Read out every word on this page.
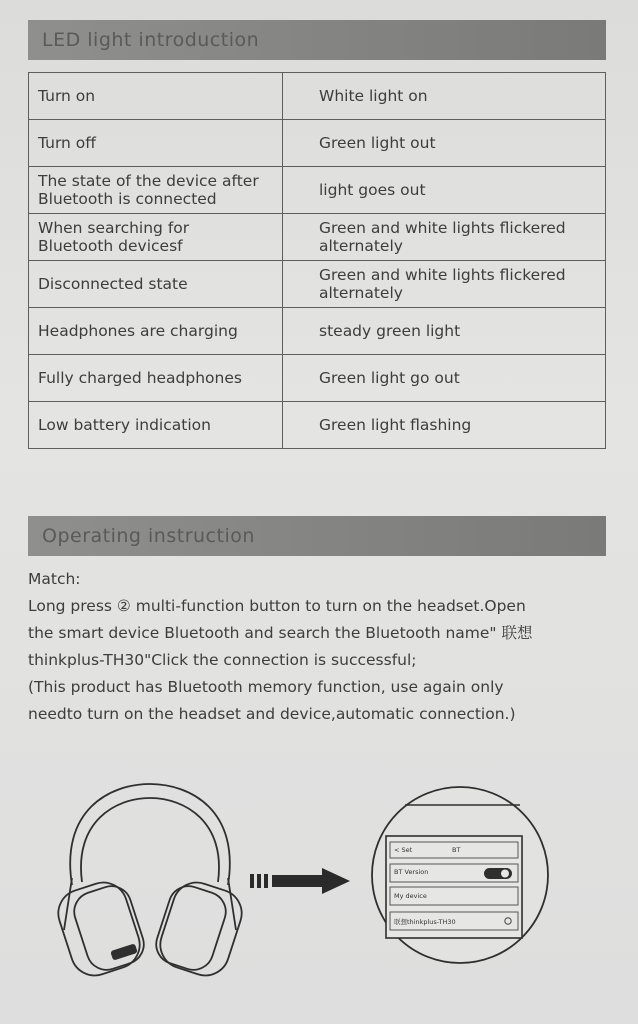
LED light introduction
Turn on	White light on
Turn off	Green light out
The state of the device after
Bluetooth is connected	light goes out
When searching for
Bluetooth devicesf	Green and white lights flickered
alternately
Disconnected state	Green and white lights flickered
alternately
Headphones are charging	steady green light
Fully charged headphones	Green light go out
Low battery indication	Green light flashing
Operating instruction
Match:
Long press ② multi-function button to turn on the headset.Open
the smart device Bluetooth and search the Bluetooth name" 联想
thinkplus-TH30"Click the connection is successful;
(This product has Bluetooth memory function, use again only
needto turn on the headset and device,automatic connection.)
< Set	BT
BT Version
My device
联想thinkplus-TH30
